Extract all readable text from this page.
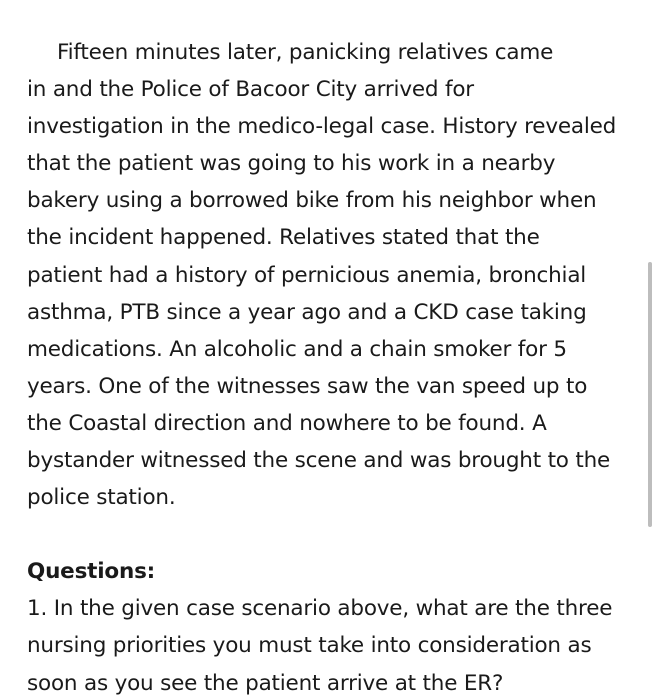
Fifteen minutes later, panicking relatives came
in and the Police of Bacoor City arrived for
investigation in the medico-legal case. History revealed
that the patient was going to his work in a nearby
bakery using a borrowed bike from his neighbor when
the incident happened. Relatives stated that the
patient had a history of pernicious anemia, bronchial
asthma, PTB since a year ago and a CKD case taking
medications. An alcoholic and a chain smoker for 5
years. One of the witnesses saw the van speed up to
the Coastal direction and nowhere to be found. A
bystander witnessed the scene and was brought to the
police station.
Questions:
1. In the given case scenario above, what are the three
nursing priorities you must take into consideration as
soon as you see the patient arrive at the ER?
